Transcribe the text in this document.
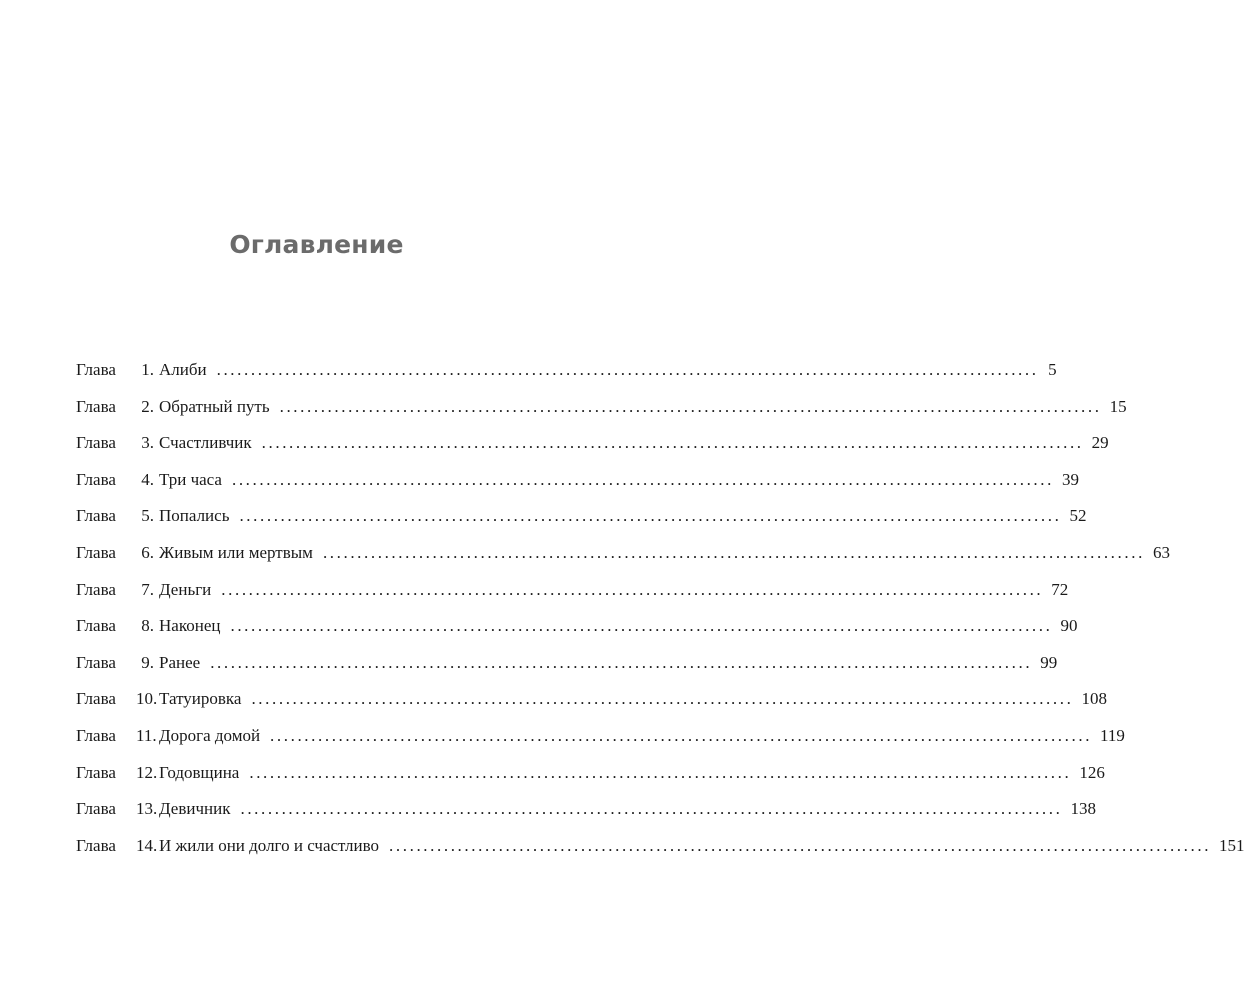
Оглавление
Глава	1. Алиби ........................................................................................................................ 5
Глава	2. Обратный путь ........................................................................................................................ 15
Глава	3. Счастливчик ........................................................................................................................ 29
Глава	4. Три часа ........................................................................................................................ 39
Глава	5. Попались ........................................................................................................................ 52
Глава	6. Живым или мертвым ........................................................................................................................ 63
Глава	7. Деньги ........................................................................................................................ 72
Глава	8. Наконец ........................................................................................................................ 90
Глава	9. Ранее ........................................................................................................................ 99
Глава	10. Татуировка ........................................................................................................................ 108
Глава	11. Дорога домой ........................................................................................................................ 119
Глава	12. Годовщина ........................................................................................................................ 126
Глава	13. Девичник ........................................................................................................................ 138
Глава	14. И жили они долго и счастливо ........................................................................................................................ 151
